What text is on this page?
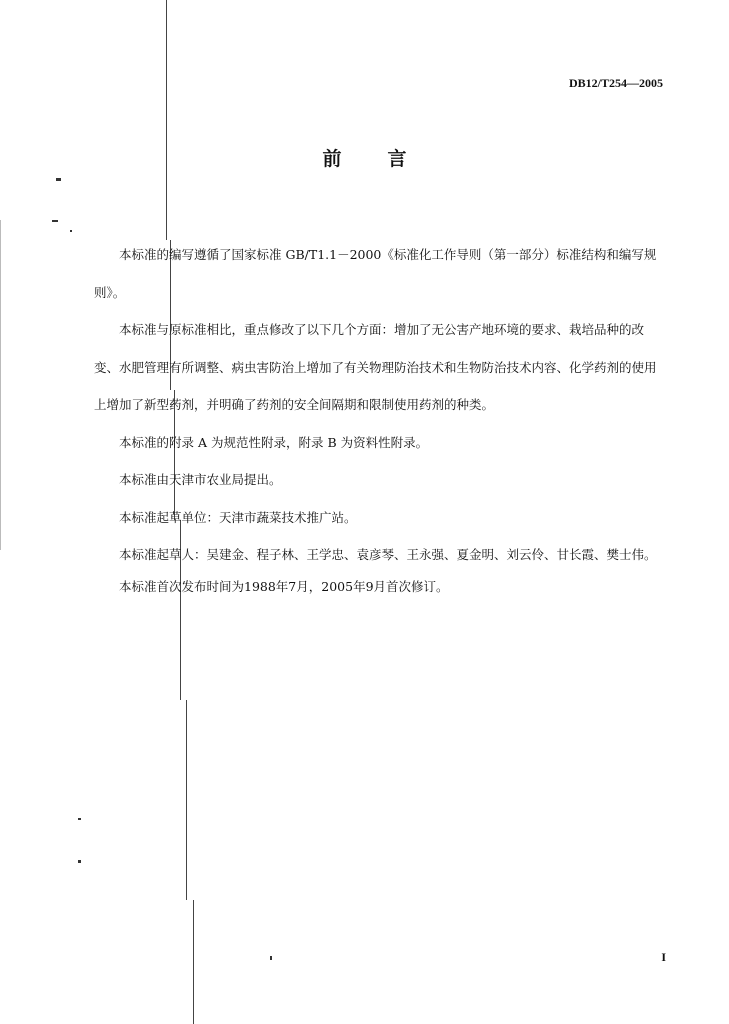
DB12/T254—2005
前言

本标准的编写遵循了国家标准 GB/T1.1－2000《标准化工作导则（第一部分）标准结构和编写规则》。

本标准与原标准相比，重点修改了以下几个方面：增加了无公害产地环境的要求、栽培品种的改变、水肥管理有所调整、病虫害防治上增加了有关物理防治技术和生物防治技术内容、化学药剂的使用上增加了新型药剂，并明确了药剂的安全间隔期和限制使用药剂的种类。

本标准的附录 A 为规范性附录，附录 B 为资料性附录。

本标准由天津市农业局提出。

本标准起草单位：天津市蔬菜技术推广站。

本标准起草人：吴建金、程子林、王学忠、袁彦琴、王永强、夏金明、刘云伶、甘长霞、樊士伟。

本标准首次发布时间为1988年7月，2005年9月首次修订。

I
